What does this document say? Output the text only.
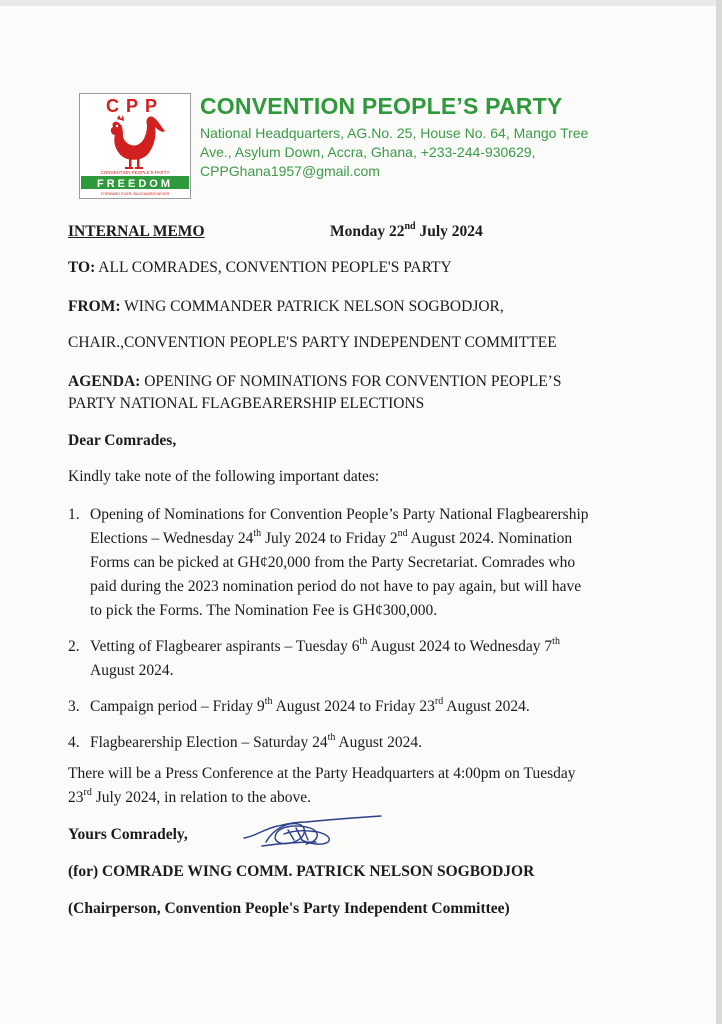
CPP
CONVENTION PEOPLE'S PARTY
FREEDOM
FORWARD EVER, BACKWARD NEVER
CONVENTION PEOPLE’S PARTY
National Headquarters, AG.No. 25, House No. 64, Mango Tree
Ave., Asylum Down, Accra, Ghana, +233-244-930629,
CPPGhana1957@gmail.com
INTERNAL MEMO	Monday 22nd July 2024
TO: ALL COMRADES, CONVENTION PEOPLE'S PARTY
FROM: WING COMMANDER PATRICK NELSON SOGBODJOR,
CHAIR.,CONVENTION PEOPLE'S PARTY INDEPENDENT COMMITTEE
AGENDA: OPENING OF NOMINATIONS FOR CONVENTION PEOPLE’S
PARTY NATIONAL FLAGBEARERSHIP ELECTIONS
Dear Comrades,
Kindly take note of the following important dates:
1. Opening of Nominations for Convention People’s Party National Flagbearership
Elections – Wednesday 24th July 2024 to Friday 2nd August 2024. Nomination
Forms can be picked at GH¢20,000 from the Party Secretariat. Comrades who
paid during the 2023 nomination period do not have to pay again, but will have
to pick the Forms. The Nomination Fee is GH¢300,000.
2. Vetting of Flagbearer aspirants – Tuesday 6th August 2024 to Wednesday 7th
August 2024.
3. Campaign period – Friday 9th August 2024 to Friday 23rd August 2024.
4. Flagbearership Election – Saturday 24th August 2024.
There will be a Press Conference at the Party Headquarters at 4:00pm on Tuesday
23rd July 2024, in relation to the above.
Yours Comradely,
(for) COMRADE WING COMM. PATRICK NELSON SOGBODJOR
(Chairperson, Convention People's Party Independent Committee)
